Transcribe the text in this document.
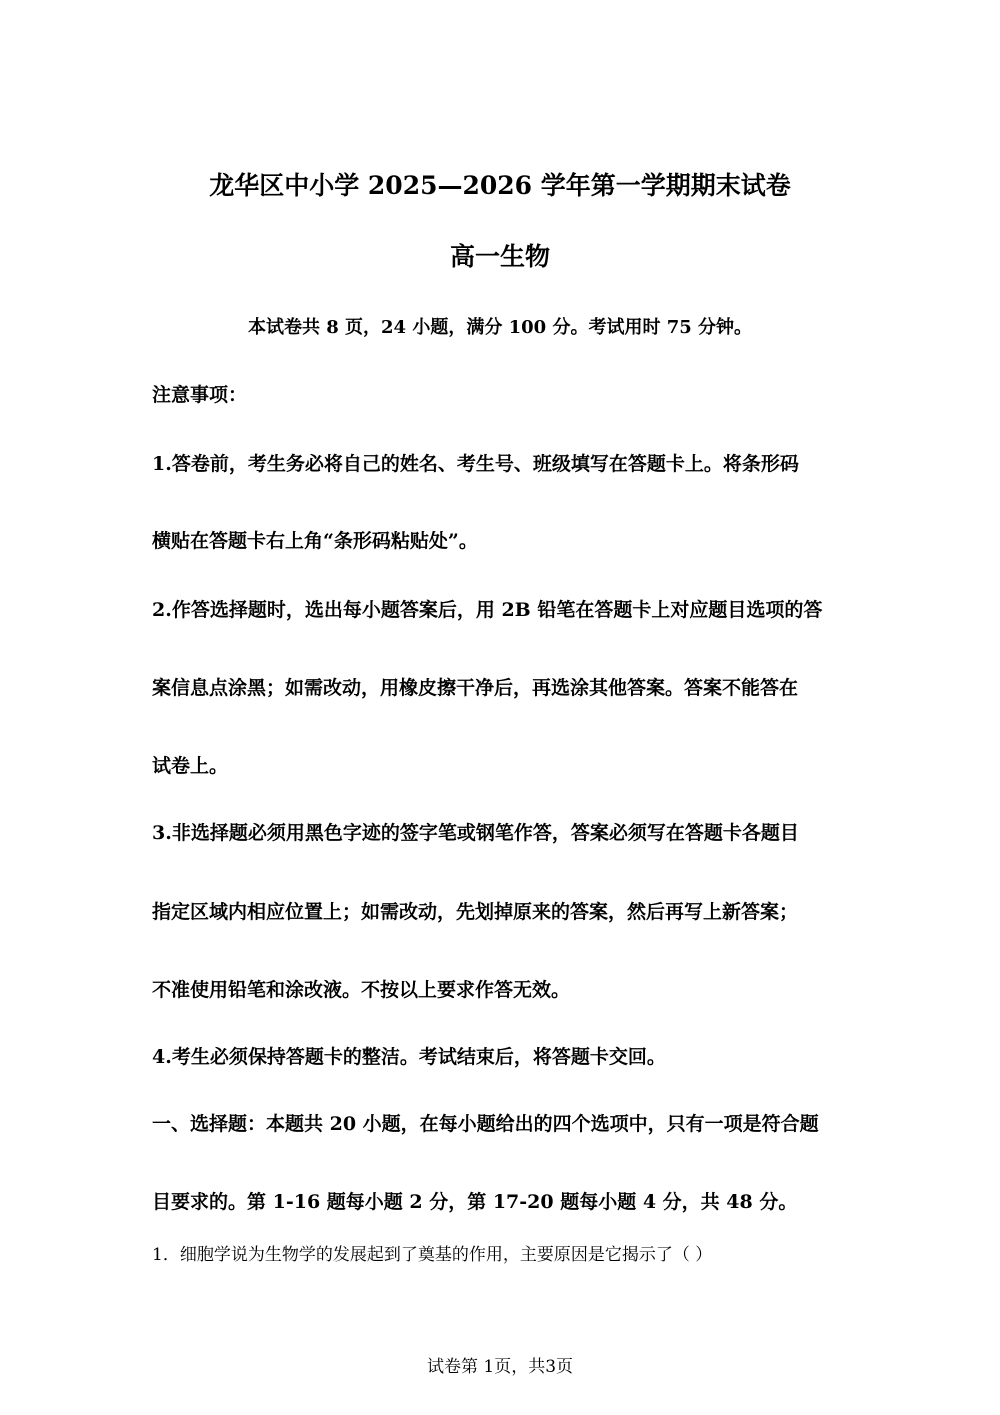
龙华区中小学 2025—2026 学年第一学期期末试卷
高一生物
本试卷共 8 页，24 小题，满分 100 分。考试用时 75 分钟。
注意事项：
1.答卷前，考生务必将自己的姓名、考生号、班级填写在答题卡上。将条形码
横贴在答题卡右上角“条形码粘贴处”。
2.作答选择题时，选出每小题答案后，用 2B 铅笔在答题卡上对应题目选项的答
案信息点涂黑；如需改动，用橡皮擦干净后，再选涂其他答案。答案不能答在
试卷上。
3.非选择题必须用黑色字迹的签字笔或钢笔作答，答案必须写在答题卡各题目
指定区域内相应位置上；如需改动，先划掉原来的答案，然后再写上新答案；
不准使用铅笔和涂改液。不按以上要求作答无效。
4.考生必须保持答题卡的整洁。考试结束后，将答题卡交回。
一、选择题：本题共 20 小题，在每小题给出的四个选项中，只有一项是符合题
目要求的。第 1-16 题每小题 2 分，第 17-20 题每小题 4 分，共 48 分。
1．细胞学说为生物学的发展起到了奠基的作用，主要原因是它揭示了（ ）
试卷第 1页，共3页
